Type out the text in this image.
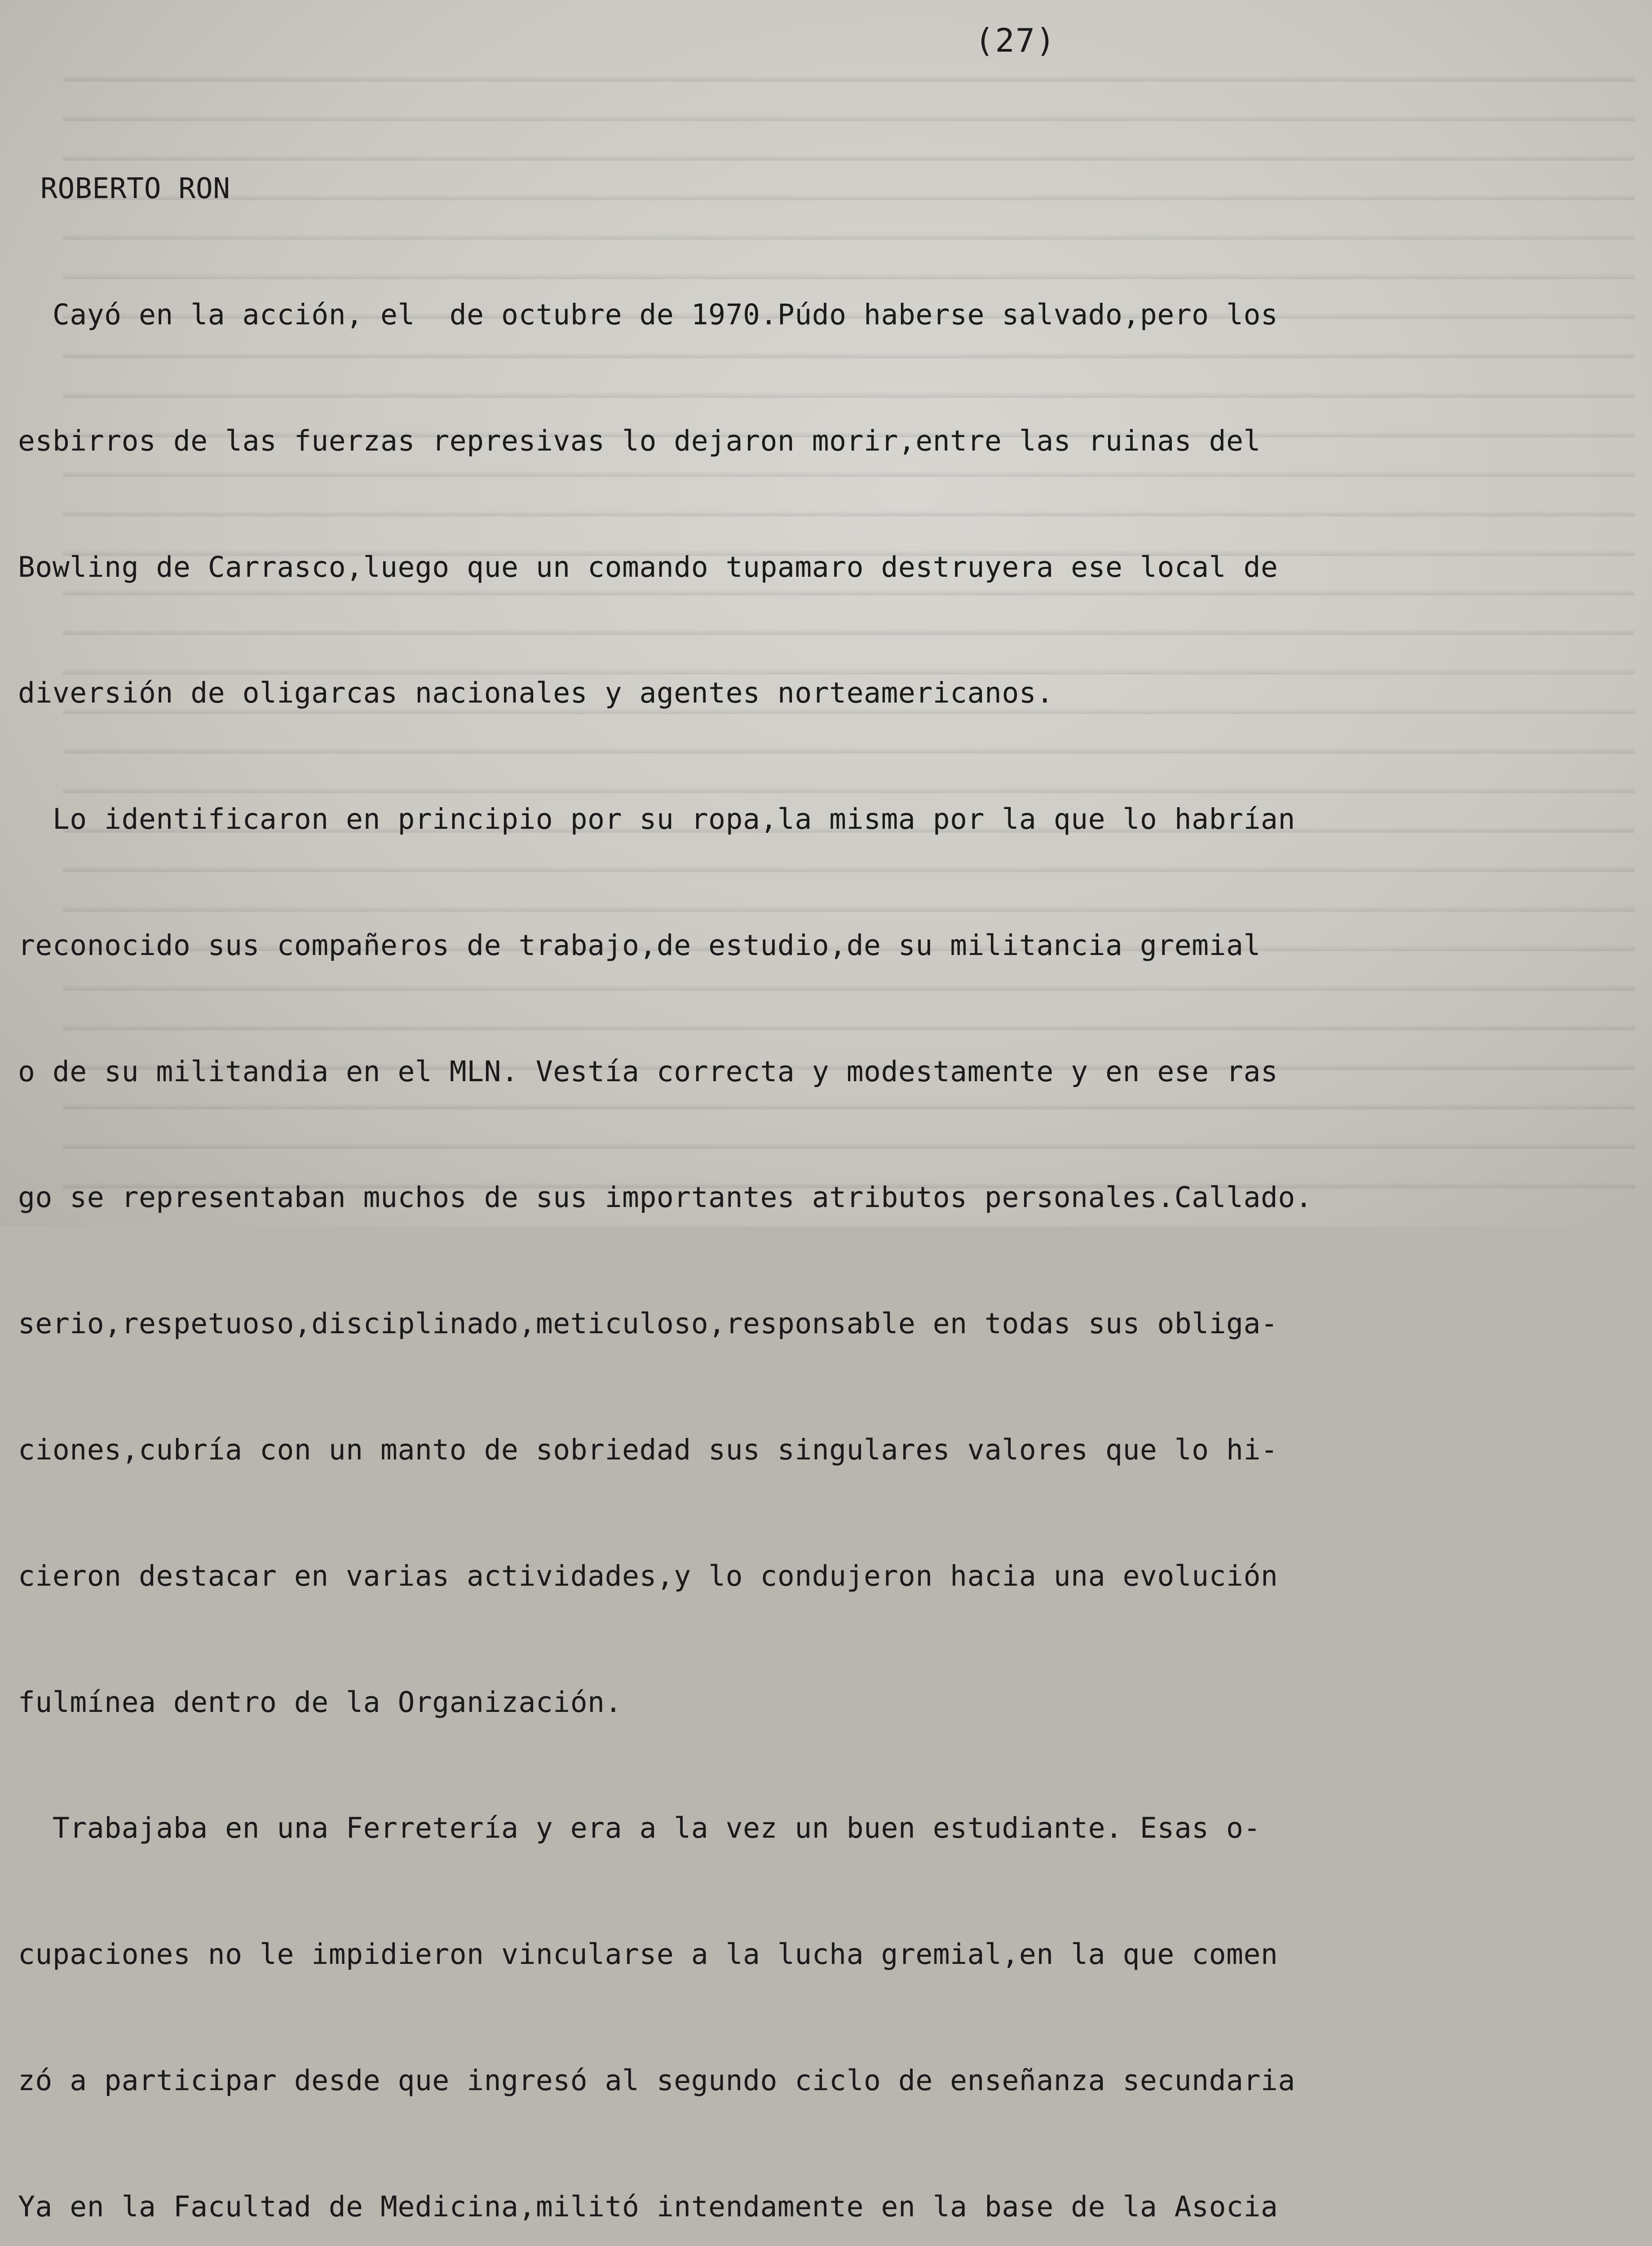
(27)

ROBERTO RON

Cayó en la acción, el  de octubre de 1970.Púdo haberse salvado,pero los

esbirros de las fuerzas represivas lo dejaron morir,entre las ruinas del

Bowling de Carrasco,luego que un comando tupamaro destruyera ese local de

diversión de oligarcas nacionales y agentes norteamericanos.

Lo identificaron en principio por su ropa,la misma por la que lo habrían

reconocido sus compañeros de trabajo,de estudio,de su militancia gremial

o de su militandia en el MLN. Vestía correcta y modestamente y en ese ras

go se representaban muchos de sus importantes atributos personales.Callado.

serio,respetuoso,disciplinado,meticuloso,responsable en todas sus obliga-

ciones,cubría con un manto de sobriedad sus singulares valores que lo hi-

cieron destacar en varias actividades,y lo condujeron hacia una evolución

fulmínea dentro de la Organización.

Trabajaba en una Ferretería y era a la vez un buen estudiante. Esas o-

cupaciones no le impidieron vincularse a la lucha gremial,en la que comen

zó a participar desde que ingresó al segundo ciclo de enseñanza secundaria

Ya en la Facultad de Medicina,militó intendamente en la base de la Asocia
